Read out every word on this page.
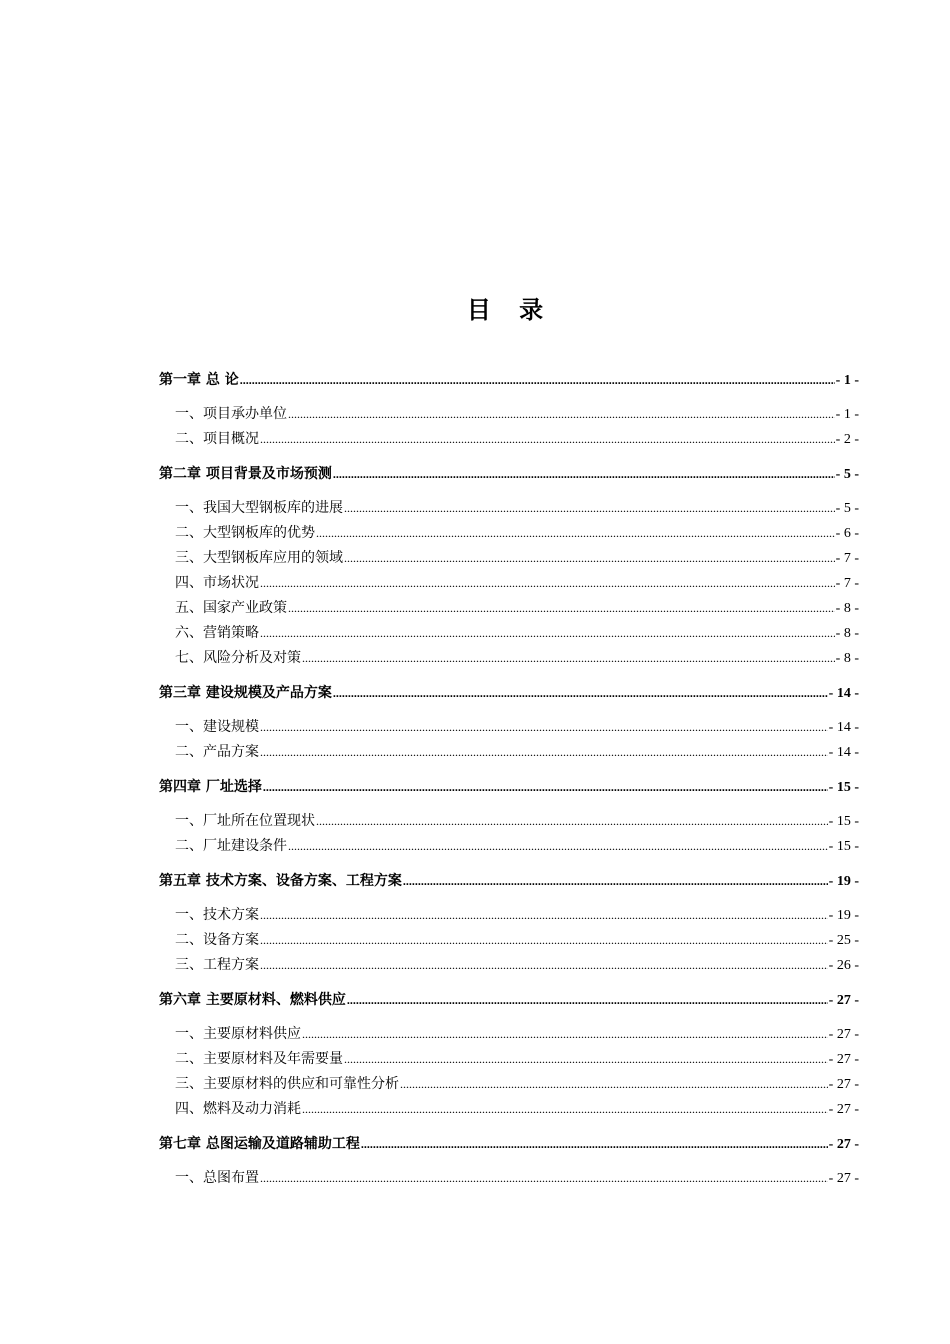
目 录
第一章 总 论 .....	- 1 -
一、项目承办单位 .....	- 1 -
二、项目概况 .....	- 2 -
第二章 项目背景及市场预测 .....	- 5 -
一、我国大型钢板库的进展 .....	- 5 -
二、大型钢板库的优势 .....	- 6 -
三、大型钢板库应用的领域 .....	- 7 -
四、市场状况 .....	- 7 -
五、国家产业政策 .....	- 8 -
六、营销策略 .....	- 8 -
七、风险分析及对策 .....	- 8 -
第三章 建设规模及产品方案 .....	- 14 -
一、建设规模 .....	- 14 -
二、产品方案 .....	- 14 -
第四章 厂址选择 .....	- 15 -
一、厂址所在位置现状 .....	- 15 -
二、厂址建设条件 .....	- 15 -
第五章 技术方案、设备方案、工程方案 .....	- 19 -
一、技术方案 .....	- 19 -
二、设备方案 .....	- 25 -
三、工程方案 .....	- 26 -
第六章 主要原材料、燃料供应 .....	- 27 -
一、主要原材料供应 .....	- 27 -
二、主要原材料及年需要量 .....	- 27 -
三、主要原材料的供应和可靠性分析 .....	- 27 -
四、燃料及动力消耗 .....	- 27 -
第七章 总图运输及道路辅助工程 .....	- 27 -
一、总图布置 .....	- 27 -
